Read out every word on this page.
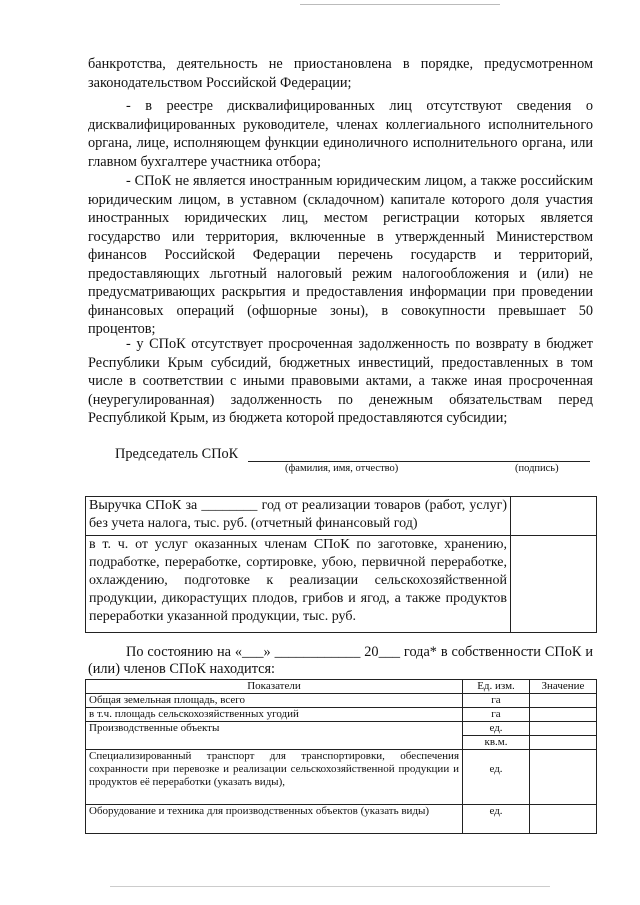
банкротства, деятельность не приостановлена в порядке, предусмотренном законодательством Российской Федерации;

- в реестре дисквалифицированных лиц отсутствуют сведения о дисквалифицированных руководителе, членах коллегиального исполнительного органа, лице, исполняющем функции единоличного исполнительного органа, или главном бухгалтере участника отбора;

- СПоК не является иностранным юридическим лицом, а также российским юридическим лицом, в уставном (складочном) капитале которого доля участия иностранных юридических лиц, местом регистрации которых является государство или территория, включенные в утвержденный Министерством финансов Российской Федерации перечень государств и территорий, предоставляющих льготный налоговый режим налогообложения и (или) не предусматривающих раскрытия и предоставления информации при проведении финансовых операций (офшорные зоны), в совокупности превышает 50 процентов;

- у СПоК отсутствует просроченная задолженность по возврату в бюджет Республики Крым субсидий, бюджетных инвестиций, предоставленных в том числе в соответствии с иными правовыми актами, а также иная просроченная (неурегулированная) задолженность по денежным обязательствам перед Республикой Крым, из бюджета которой предоставляются субсидии;

Председатель СПоК
(фамилия, имя, отчество)	(подпись)
Выручка СПоК за ________ год от реализации товаров (работ, услуг) без учета налога, тыс. руб. (отчетный финансовый год)	
в т. ч. от услуг оказанных членам СПоК по заготовке, хранению, подработке, переработке, сортировке, убою, первичной переработке, охлаждению, подготовке к реализации сельскохозяйственной продукции, дикорастущих плодов, грибов и ягод, а также продуктов переработки указанной продукции, тыс. руб.	

По состоянию на «___» ____________ 20___ года* в собственности СПоК и (или) членов СПоК находится:

Показатели	Ед. изм.	Значение
Общая земельная площадь, всего	га	
в т.ч. площадь сельскохозяйственных угодий	га	
Производственные объекты	ед.	
	кв.м.	
Специализированный транспорт для транспортировки, обеспечения сохранности при перевозке и реализации сельскохозяйственной продукции и продуктов её переработки (указать виды),	ед.	
Оборудование и техника для производственных объектов (указать виды)	ед.	
